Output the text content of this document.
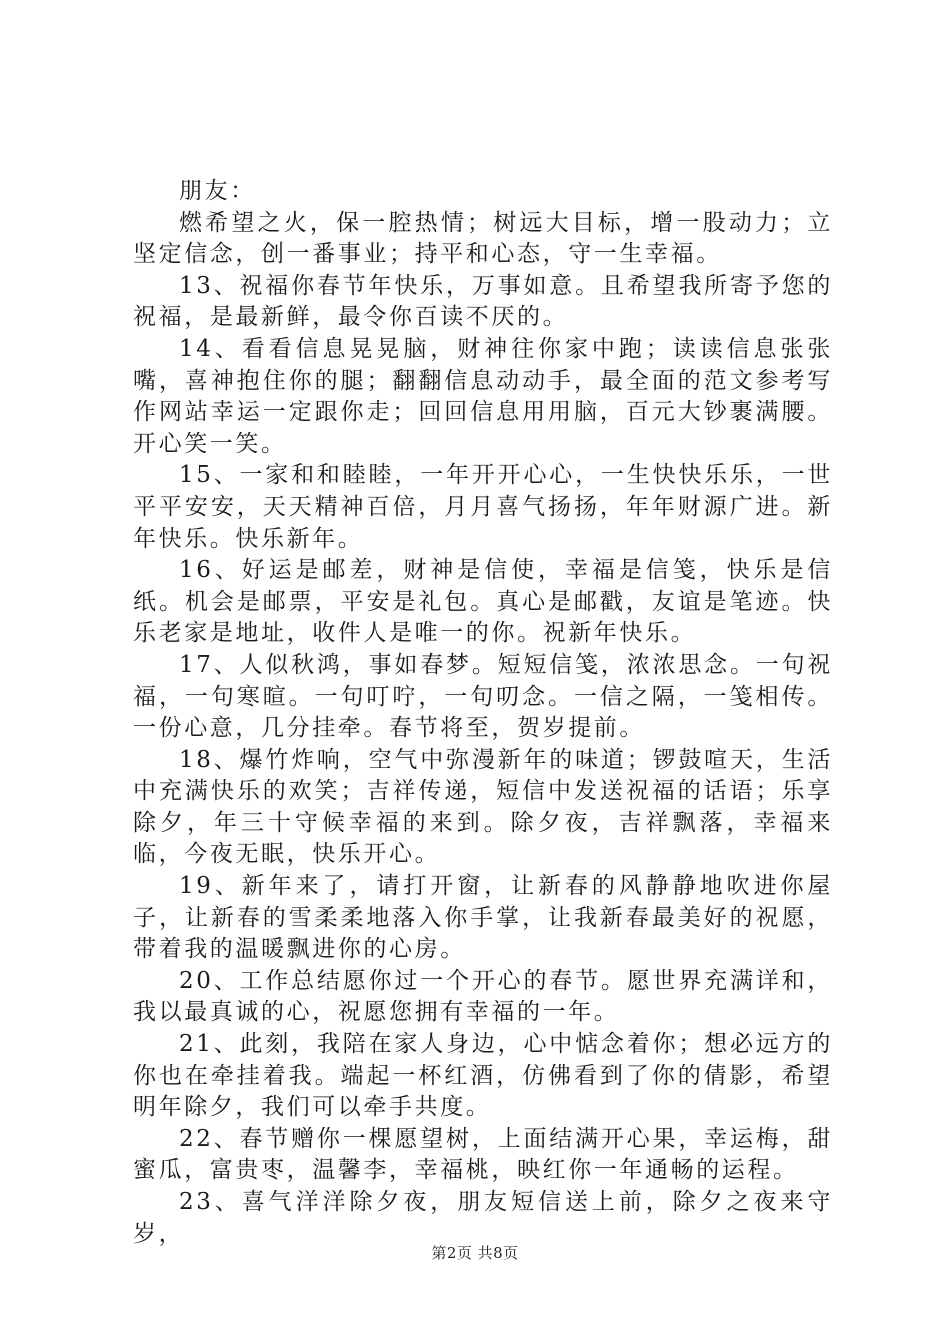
朋友：

燃希望之火，保一腔热情；树远大目标，增一股动力；立坚定信念，创一番事业；持平和心态，守一生幸福。

13、祝福你春节年快乐，万事如意。且希望我所寄予您的祝福，是最新鲜，最令你百读不厌的。

14、看看信息晃晃脑，财神往你家中跑；读读信息张张嘴，喜神抱住你的腿；翻翻信息动动手，最全面的范文参考写作网站幸运一定跟你走；回回信息用用脑，百元大钞裹满腰。开心笑一笑。

15、一家和和睦睦，一年开开心心，一生快快乐乐，一世平平安安，天天精神百倍，月月喜气扬扬，年年财源广进。新年快乐。快乐新年。

16、好运是邮差，财神是信使，幸福是信笺，快乐是信纸。机会是邮票，平安是礼包。真心是邮戳，友谊是笔迹。快乐老家是地址，收件人是唯一的你。祝新年快乐。

17、人似秋鸿，事如春梦。短短信笺，浓浓思念。一句祝福，一句寒暄。一句叮咛，一句叨念。一信之隔，一笺相传。一份心意，几分挂牵。春节将至，贺岁提前。

18、爆竹炸响，空气中弥漫新年的味道；锣鼓喧天，生活中充满快乐的欢笑；吉祥传递，短信中发送祝福的话语；乐享除夕，年三十守候幸福的来到。除夕夜，吉祥飘落，幸福来临，今夜无眠，快乐开心。

19、新年来了，请打开窗，让新春的风静静地吹进你屋子，让新春的雪柔柔地落入你手掌，让我新春最美好的祝愿，带着我的温暖飘进你的心房。

20、工作总结愿你过一个开心的春节。愿世界充满详和，我以最真诚的心，祝愿您拥有幸福的一年。

21、此刻，我陪在家人身边，心中惦念着你；想必远方的你也在牵挂着我。端起一杯红酒，仿佛看到了你的倩影，希望明年除夕，我们可以牵手共度。

22、春节赠你一棵愿望树，上面结满开心果，幸运梅，甜蜜瓜，富贵枣，温馨李，幸福桃，映红你一年通畅的运程。

23、喜气洋洋除夕夜，朋友短信送上前，除夕之夜来守岁，

第2页 共8页
